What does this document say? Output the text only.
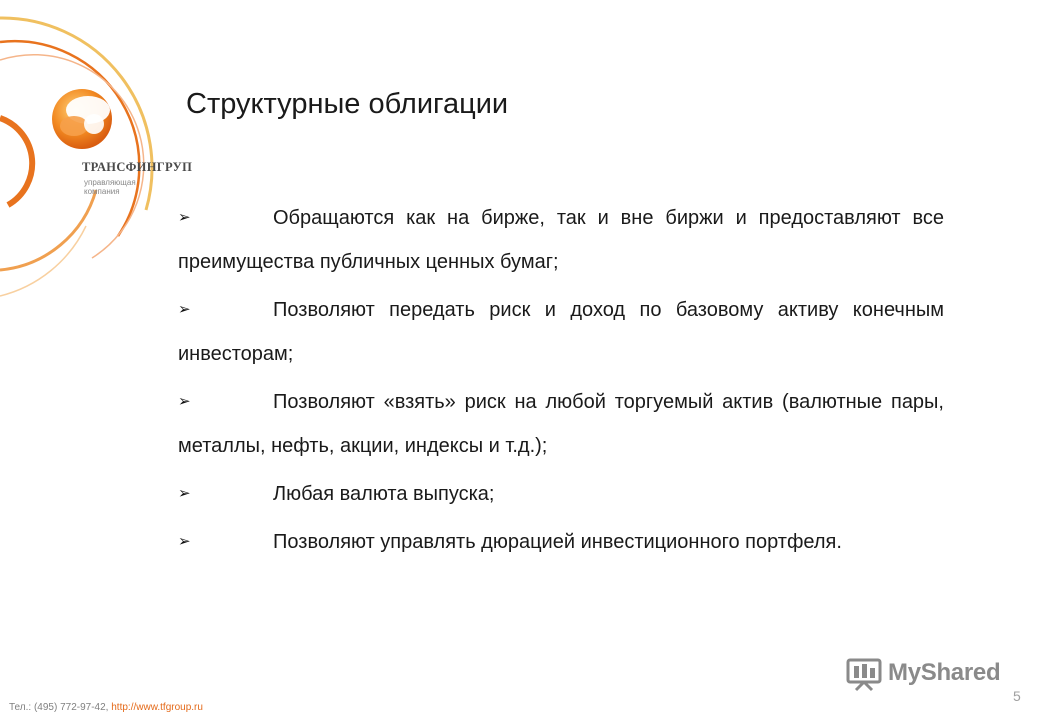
ТРАНСФИНГРУП
управляющая компания
Структурные облигации
➢	Обращаются как на бирже, так и вне биржи и предоставляют все преимущества публичных ценных бумаг;
➢	Позволяют передать риск и доход по базовому активу конечным инвесторам;
➢	Позволяют «взять» риск на любой торгуемый актив (валютные пары, металлы, нефть, акции, индексы и т.д.);
➢	Любая валюта выпуска;
➢	Позволяют управлять дюрацией инвестиционного портфеля.
Тел.: (495) 772-97-42, http://www.tfgroup.ru
MyShared
5
